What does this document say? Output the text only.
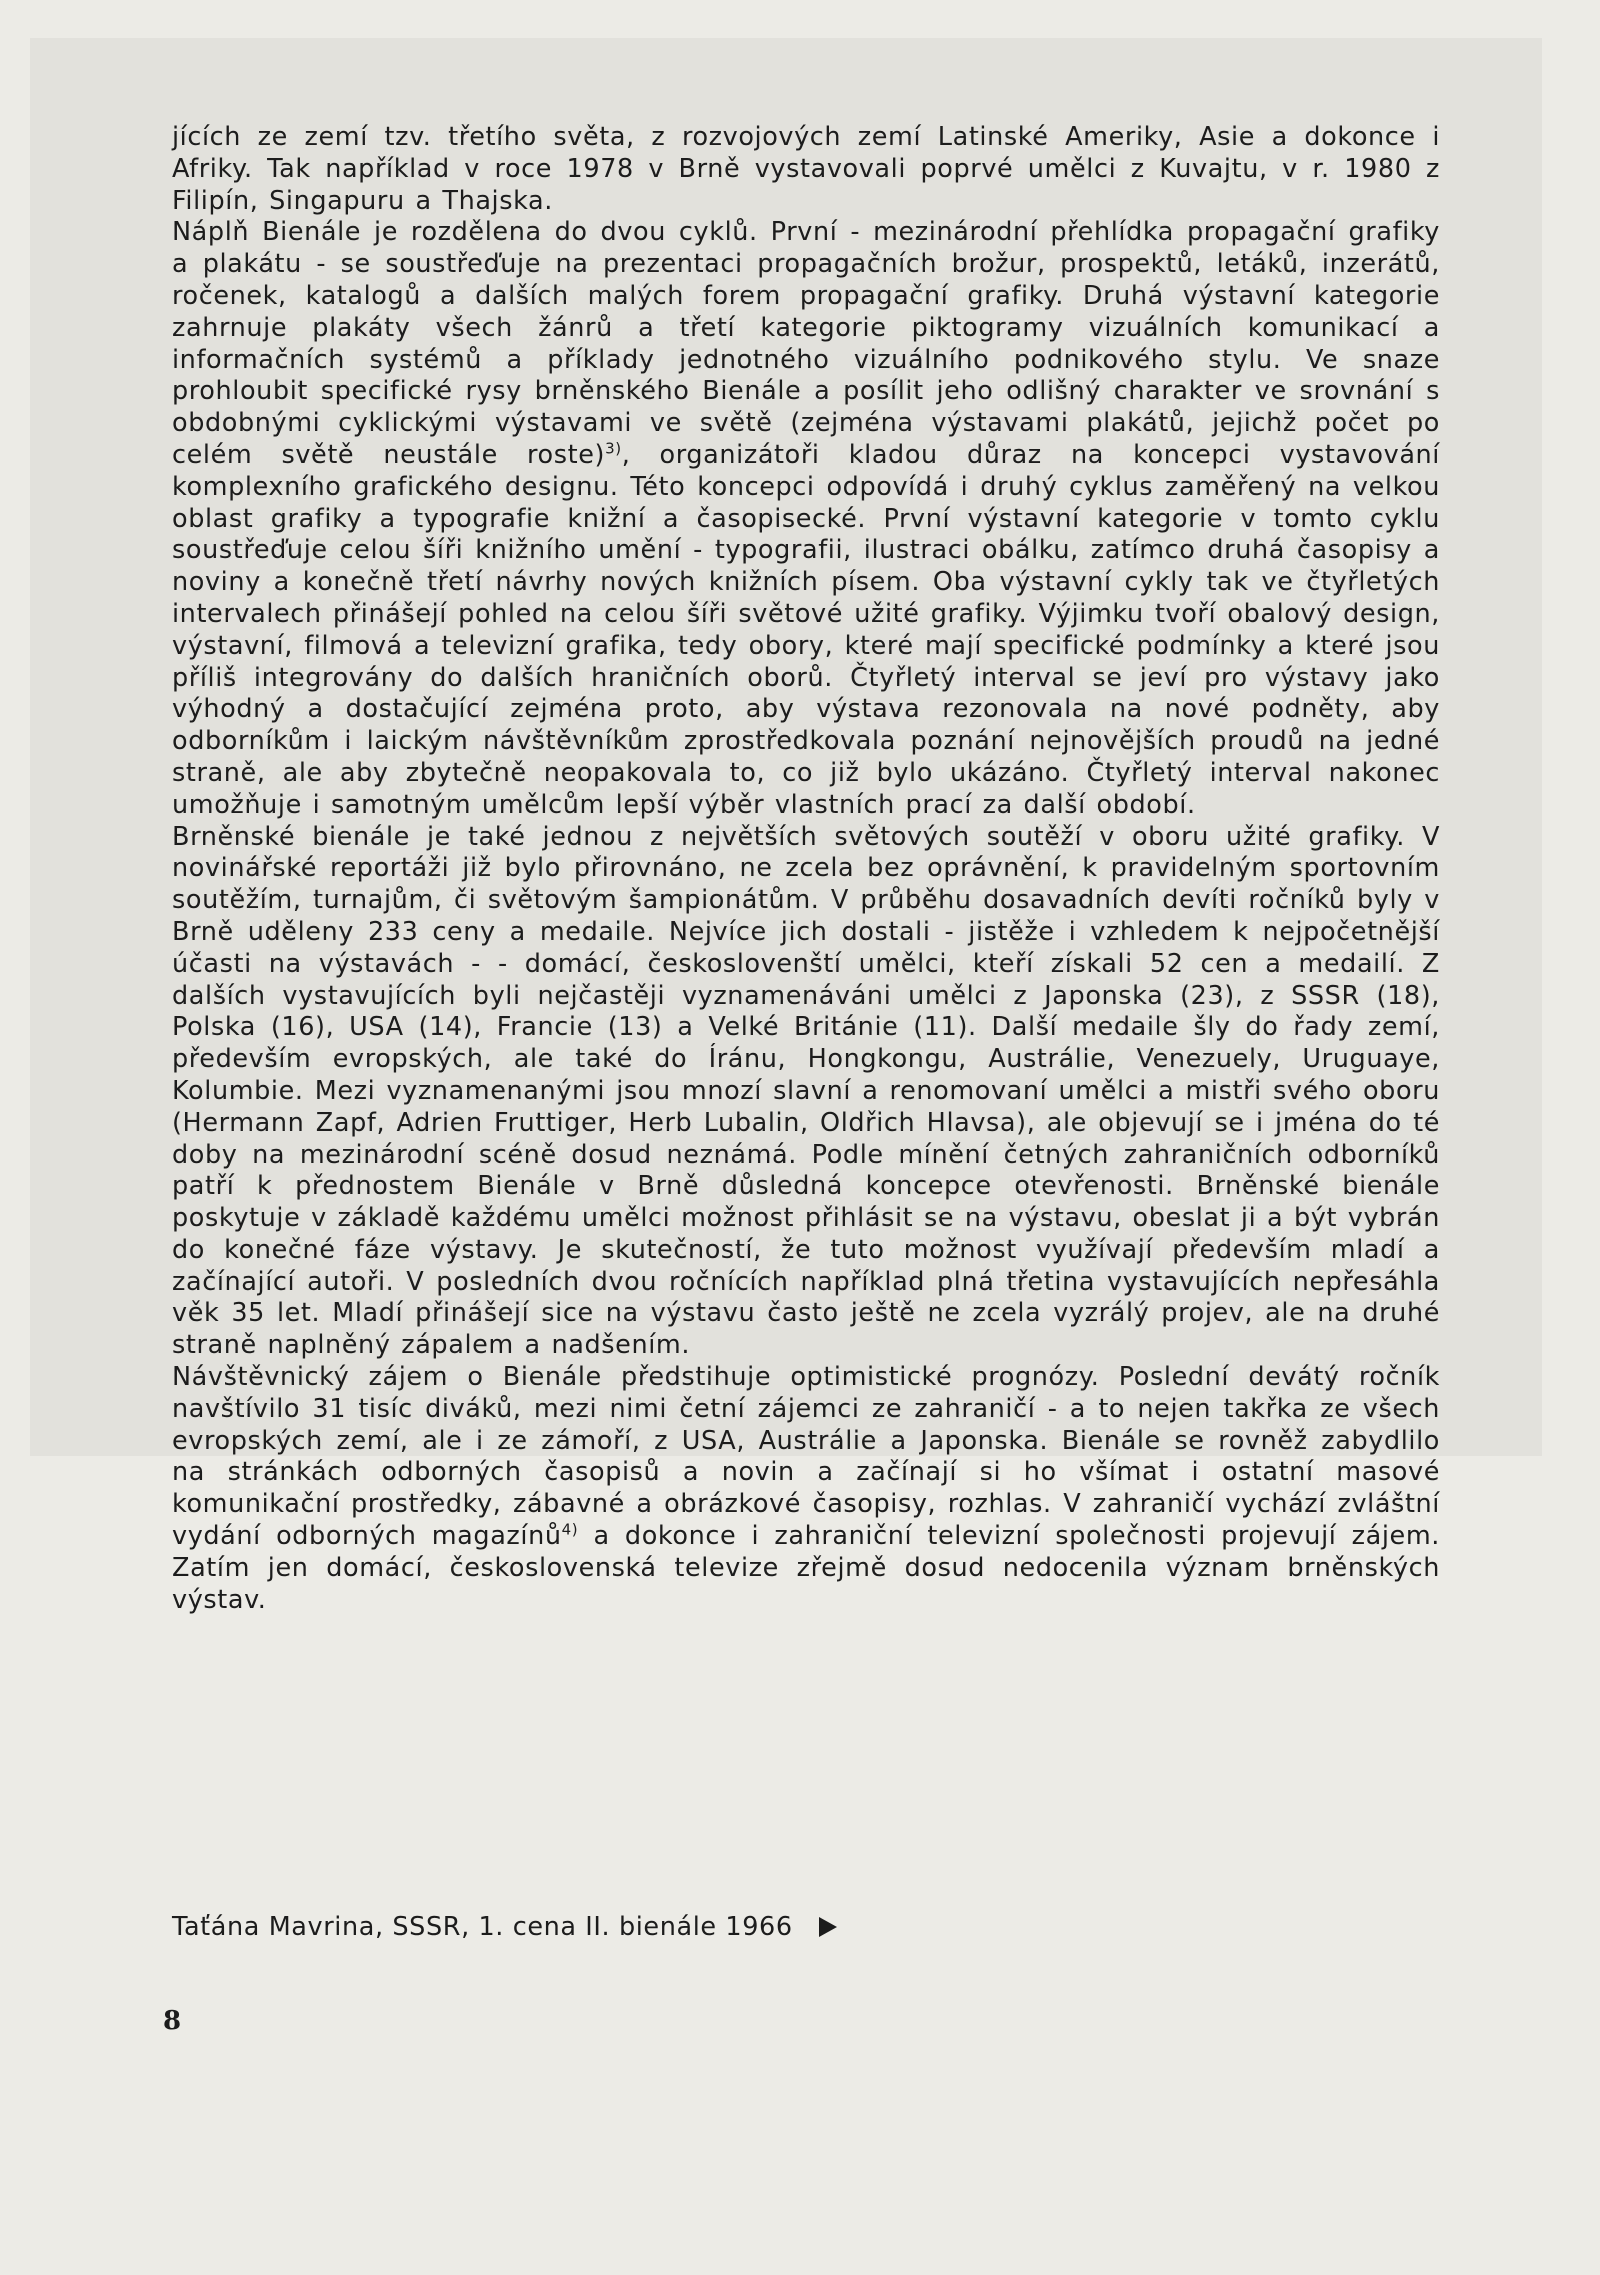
jících ze zemí tzv. třetího světa, z rozvojových zemí Latinské Ameriky, Asie a dokonce i Afriky. Tak například v roce 1978 v Brně vystavovali poprvé umělci z Kuvajtu, v r. 1980 z Filipín, Singapuru a Thajska.

Náplň Bienále je rozdělena do dvou cyklů. První - mezinárodní přehlídka propagační grafiky a plakátu - se soustřeďuje na prezentaci propagačních brožur, prospektů, letáků, inzerátů, ročenek, katalogů a dalších malých forem propagační grafiky. Druhá výstavní kategorie zahrnuje plakáty všech žánrů a třetí kategorie piktogramy vizuálních komunikací a informačních systémů a příklady jednotného vizuálního podnikového stylu. Ve snaze prohloubit specifické rysy brněnského Bienále a posílit jeho odlišný charakter ve srovnání s obdobnými cyklickými výstavami ve světě (zejména výstavami plakátů, jejichž počet po celém světě neustále roste)$^{3)}$, organizátoři kladou důraz na koncepci vystavování komplexního grafického designu. Této koncepci odpovídá i druhý cyklus zaměřený na velkou oblast grafiky a typografie knižní a časopisecké. První výstavní kategorie v tomto cyklu soustřeďuje celou šíři knižního umění - typografii, ilustraci obálku, zatímco druhá časopisy a noviny a konečně třetí návrhy nových knižních písem. Oba výstavní cykly tak ve čtyřletých intervalech přinášejí pohled na celou šíři světové užité grafiky. Výjimku tvoří obalový design, výstavní, filmová a televizní grafika, tedy obory, které mají specifické podmínky a které jsou příliš integrovány do dalších hraničních oborů. Čtyřletý interval se jeví pro výstavy jako výhodný a dostačující zejména proto, aby výstava rezonovala na nové podněty, aby odborníkům i laickým návštěvníkům zprostředkovala poznání nejnovějších proudů na jedné straně, ale aby zbytečně neopakovala to, co již bylo ukázáno. Čtyřletý interval nakonec umožňuje i samotným umělcům lepší výběr vlastních prací za další období.

Brněnské bienále je také jednou z největších světových soutěží v oboru užité grafiky. V novinářské reportáži již bylo přirovnáno, ne zcela bez oprávnění, k pravidelným sportovním soutěžím, turnajům, či světovým šampionátům. V průběhu dosavadních devíti ročníků byly v Brně uděleny 233 ceny a medaile. Nejvíce jich dostali - jistěže i vzhledem k nejpočetnější účasti na výstavách - - domácí, českoslovenští umělci, kteří získali 52 cen a medailí. Z dalších vystavujících byli nejčastěji vyznamenáváni umělci z Japonska (23), z SSSR (18), Polska (16), USA (14), Francie (13) a Velké Británie (11). Další medaile šly do řady zemí, především evropských, ale také do Íránu, Hongkongu, Austrálie, Venezuely, Uruguaye, Kolumbie. Mezi vyznamenanými jsou mnozí slavní a renomovaní umělci a mistři svého oboru (Hermann Zapf, Adrien Fruttiger, Herb Lubalin, Oldřich Hlavsa), ale objevují se i jména do té doby na mezinárodní scéně dosud neznámá. Podle mínění četných zahraničních odborníků patří k přednostem Bienále v Brně důsledná koncepce otevřenosti. Brněnské bienále poskytuje v základě každému umělci možnost přihlásit se na výstavu, obeslat ji a být vybrán do konečné fáze výstavy. Je skutečností, že tuto možnost využívají především mladí a začínající autoři. V posledních dvou ročnících například plná třetina vystavujících nepřesáhla věk 35 let. Mladí přinášejí sice na výstavu často ještě ne zcela vyzrálý projev, ale na druhé straně naplněný zápalem a nadšením.

Návštěvnický zájem o Bienále předstihuje optimistické prognózy. Poslední devátý ročník navštívilo 31 tisíc diváků, mezi nimi četní zájemci ze zahraničí - a to nejen takřka ze všech evropských zemí, ale i ze zámoří, z USA, Austrálie a Japonska. Bienále se rovněž zabydlilo na stránkách odborných časopisů a novin a začínají si ho všímat i ostatní masové komunikační prostředky, zábavné a obrázkové časopisy, rozhlas. V zahraničí vychází zvláštní vydání odborných magazínů$^{4)}$ a dokonce i zahraniční televizní společnosti projevují zájem. Zatím jen domácí, československá televize zřejmě dosud nedocenila význam brněnských výstav.

Taťána Mavrina, SSSR, 1. cena II. bienále 1966
8
